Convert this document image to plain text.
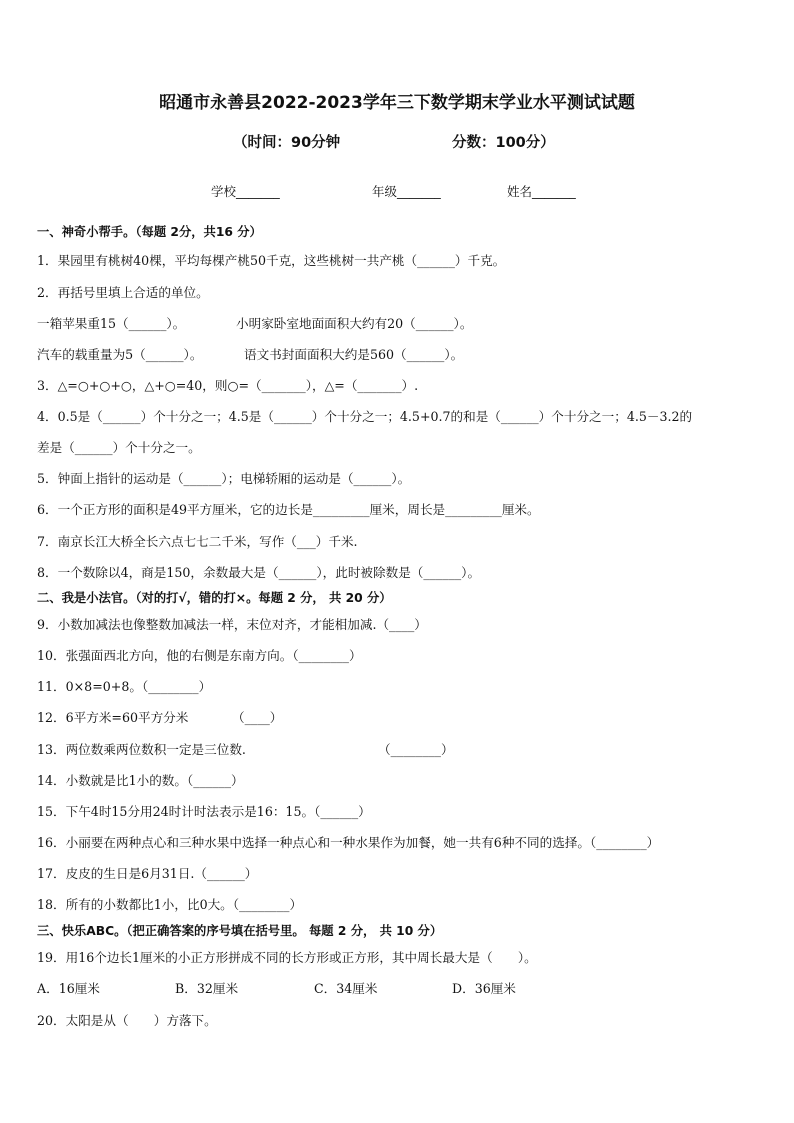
昭通市永善县2022-2023学年三下数学期末学业水平测试试题
（时间：90分钟	分数：100分）
学校_______	年级_______	姓名_______
一、神奇小帮手。（每题 2分，共16 分）
1．果园里有桃树40棵，平均每棵产桃50千克，这些桃树一共产桃（______）千克。
2．再括号里填上合适的单位。
一箱苹果重15（______）。	小明家卧室地面面积大约有20（______）。
汽车的载重量为5（______）。	语文书封面面积大约是560（______）。
3．△=○+○+○，△+○=40，则○=（_______），△=（_______）.
4．0.5是（______）个十分之一；4.5是（______）个十分之一；4.5+0.7的和是（______）个十分之一；4.5－3.2的
差是（______）个十分之一。
5．钟面上指针的运动是（______）；电梯轿厢的运动是（______）。
6．一个正方形的面积是49平方厘米，它的边长是_________厘米，周长是_________厘米。
7．南京长江大桥全长六点七七二千米，写作（___）千米.
8．一个数除以4，商是150，余数最大是（______），此时被除数是（______）。
二、我是小法官。（对的打√，错的打×。每题 2 分， 共 20 分）
9．小数加减法也像整数加减法一样，末位对齐，才能相加减.（____）
10．张强面西北方向，他的右侧是东南方向。（________）
11．0×8=0+8。（________）
12．6平方米=60平方分米	（____）
13．两位数乘两位数积一定是三位数.	（________）
14．小数就是比1小的数。（______）
15．下午4时15分用24时计时法表示是16：15。（______）
16．小丽要在两种点心和三种水果中选择一种点心和一种水果作为加餐，她一共有6种不同的选择。（________）
17．皮皮的生日是6月31日.（______）
18．所有的小数都比1小，比0大。（________）
三、快乐ABC。（把正确答案的序号填在括号里。 每题 2 分， 共 10 分）
19．用16个边长1厘米的小正方形拼成不同的长方形或正方形，其中周长最大是（　　）。
A．16厘米	B．32厘米	C．34厘米	D．36厘米
20．太阳是从（　　）方落下。
